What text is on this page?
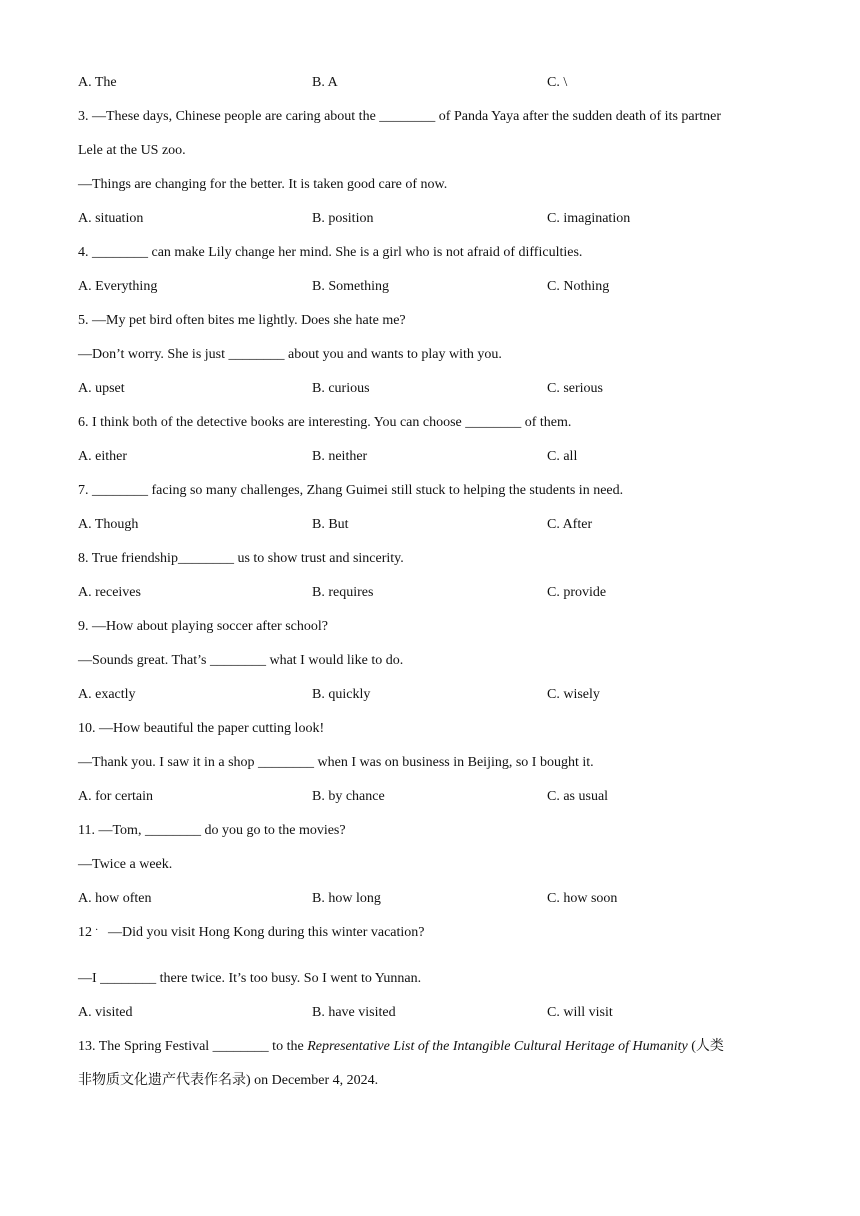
A. The	B. A	C. \
3. —These days, Chinese people are caring about the ________ of Panda Yaya after the sudden death of its partner
Lele at the US zoo.
—Things are changing for the better. It is taken good care of now.
A. situation	B. position	C. imagination
4. ________ can make Lily change her mind. She is a girl who is not afraid of difficulties.
A. Everything	B. Something	C. Nothing
5. —My pet bird often bites me lightly. Does she hate me?
—Don’t worry. She is just ________ about you and wants to play with you.
A. upset	B. curious	C. serious
6. I think both of the detective books are interesting. You can choose ________ of them.
A. either	B. neither	C. all
7. ________ facing so many challenges, Zhang Guimei still stuck to helping the students in need.
A. Though	B. But	C. After
8. True friendship________ us to show trust and sincerity.
A. receives	B. requires	C. provide
9. —How about playing soccer after school?
—Sounds great. That’s ________ what I would like to do.
A. exactly	B. quickly	C. wisely
10. —How beautiful the paper cutting look!
—Thank you. I saw it in a shop ________ when I was on business in Beijing, so I bought it.
A. for certain	B. by chance	C. as usual
11. —Tom, ________ do you go to the movies?
—Twice a week.
A. how often	B. how long	C. how soon
12 —Did you visit Hong Kong during this winter vacation?
·
—I ________ there twice. It’s too busy. So I went to Yunnan.
A. visited	B. have visited	C. will visit
13. The Spring Festival ________ to the Representative List of the Intangible Cultural Heritage of Humanity (人类
非物质文化遗产代表作名录) on December 4, 2024.
